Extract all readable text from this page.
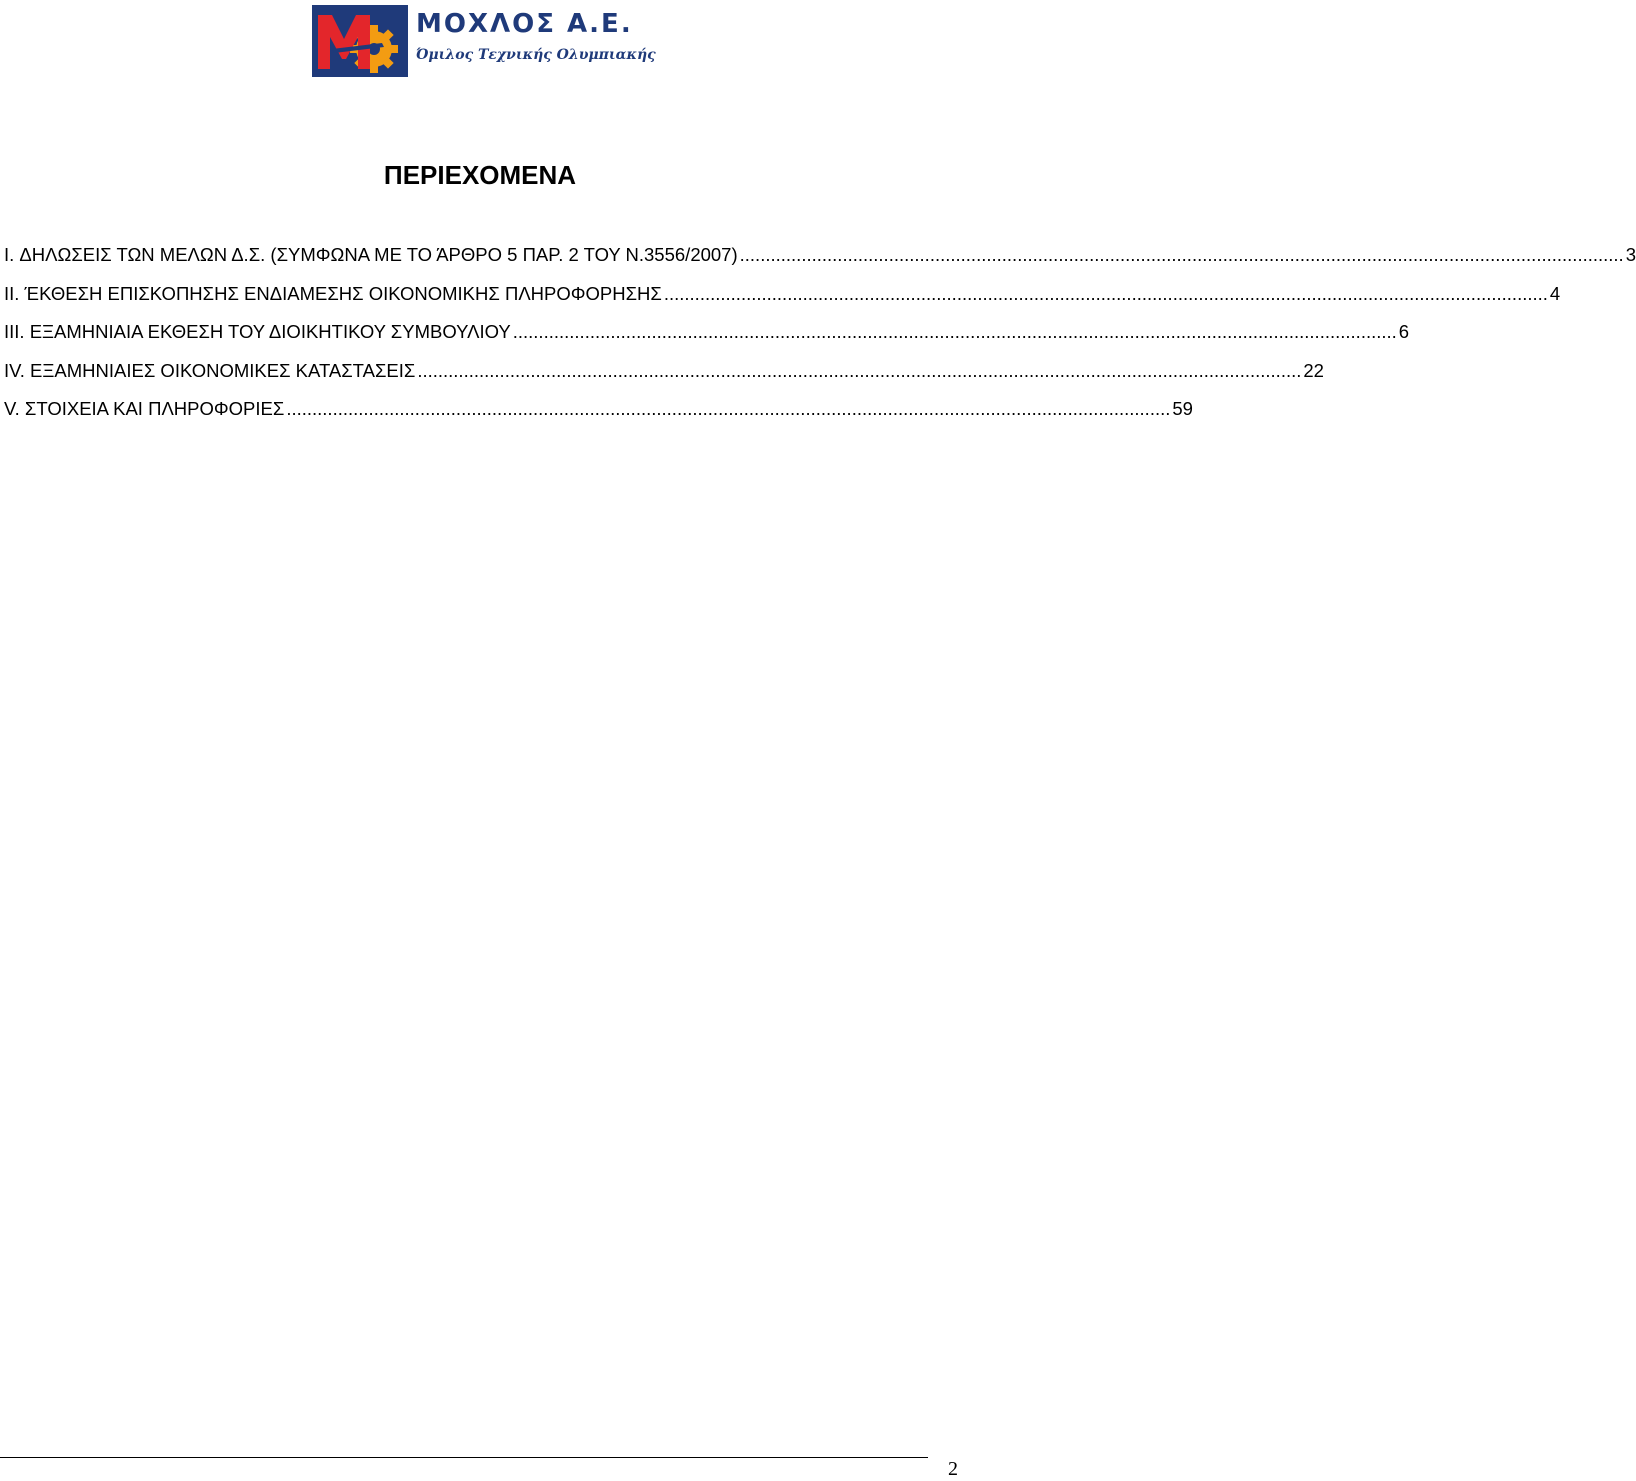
ΜΟΧΛΟΣ Α.Ε.
Όμιλος Τεχνικής Ολυμπιακής
ΠΕΡΙΕΧΟΜΕΝΑ
I. ΔΗΛΩΣΕΙΣ ΤΩΝ ΜΕΛΩΝ Δ.Σ. (ΣΥΜΦΩΝΑ ΜΕ ΤΟ ΆΡΘΡΟ 5 ΠΑΡ. 2 ΤΟΥ Ν.3556/2007) ............................................................................................................................................................................ 3
II. ΈΚΘΕΣΗ ΕΠΙΣΚΟΠΗΣΗΣ ΕΝΔΙΑΜΕΣΗΣ ΟΙΚΟΝΟΜΙΚΗΣ ΠΛΗΡΟΦΟΡΗΣΗΣ ............................................................................................................................................................................ 4
III. ΕΞΑΜΗΝΙΑΙΑ ΕΚΘΕΣΗ ΤΟΥ ΔΙΟΙΚΗΤΙΚΟΥ ΣΥΜΒΟΥΛΙΟΥ ............................................................................................................................................................................ 6
IV. ΕΞΑΜΗΝΙΑΙΕΣ ΟΙΚΟΝΟΜΙΚΕΣ ΚΑΤΑΣΤΑΣΕΙΣ ............................................................................................................................................................................ 22
V. ΣΤΟΙΧΕΙΑ ΚΑΙ ΠΛΗΡΟΦΟΡΙΕΣ ............................................................................................................................................................................ 59
2
